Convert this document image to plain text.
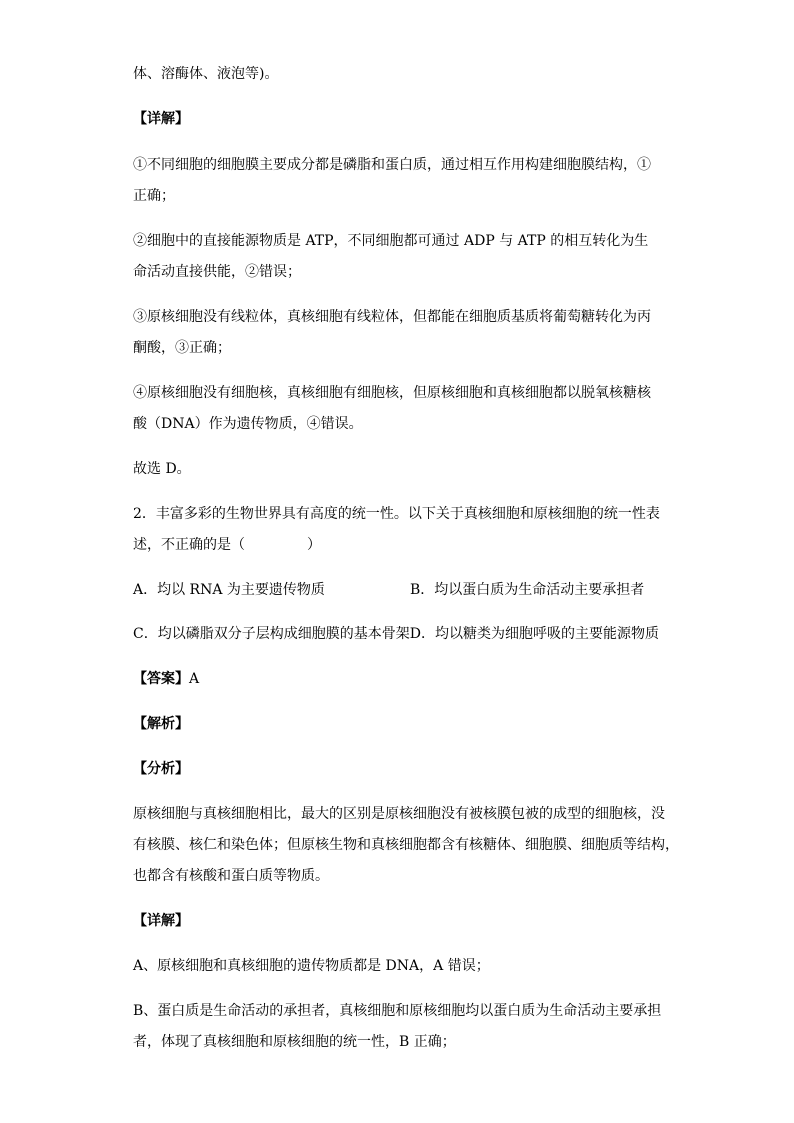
体、溶酶体、液泡等)。
【详解】
①不同细胞的细胞膜主要成分都是磷脂和蛋白质，通过相互作用构建细胞膜结构，①
正确；
②细胞中的直接能源物质是 ATP，不同细胞都可通过 ADP 与 ATP 的相互转化为生
命活动直接供能，②错误；
③原核细胞没有线粒体，真核细胞有线粒体，但都能在细胞质基质将葡萄糖转化为丙
酮酸，③正确；
④原核细胞没有细胞核，真核细胞有细胞核，但原核细胞和真核细胞都以脱氧核糖核
酸（DNA）作为遗传物质，④错误。
故选 D。
2．丰富多彩的生物世界具有高度的统一性。以下关于真核细胞和原核细胞的统一性表
述，不正确的是（	）
A．均以 RNA 为主要遗传物质	B．均以蛋白质为生命活动主要承担者
C．均以磷脂双分子层构成细胞膜的基本骨架D．均以糖类为细胞呼吸的主要能源物质
【答案】A
【解析】
【分析】
原核细胞与真核细胞相比，最大的区别是原核细胞没有被核膜包被的成型的细胞核，没
有核膜、核仁和染色体；但原核生物和真核细胞都含有核糖体、细胞膜、细胞质等结构，
也都含有核酸和蛋白质等物质。
【详解】
A、原核细胞和真核细胞的遗传物质都是 DNA，A 错误；
B、蛋白质是生命活动的承担者，真核细胞和原核细胞均以蛋白质为生命活动主要承担
者，体现了真核细胞和原核细胞的统一性，B 正确；
